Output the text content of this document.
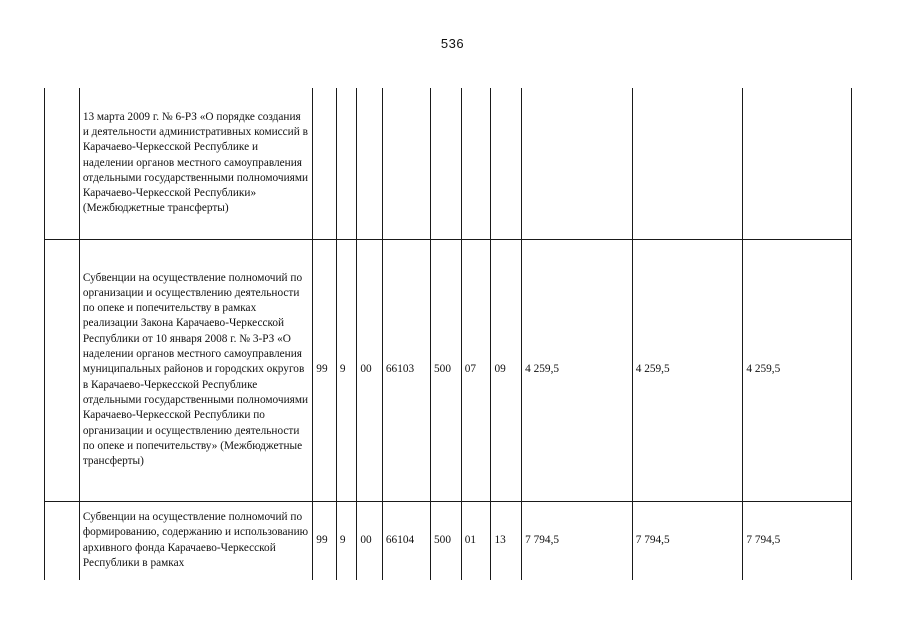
536
	13 марта 2009 г. № 6-РЗ «О порядке создания и деятельности административных комиссий в Карачаево-Черкесской Республике и наделении органов местного самоуправления отдельными государственными полномочиями Карачаево-Черкесской Республики» (Межбюджетные трансферты)										
	Субвенции на осуществление полномочий по организации и осуществлению деятельности по опеке и попечительству в рамках реализации Закона Карачаево-Черкесской Республики от 10 января 2008 г. № 3-РЗ «О наделении органов местного самоуправления муниципальных районов и городских округов в Карачаево-Черкесской Республике отдельными государственными полномочиями Карачаево-Черкесской Республики по организации и осуществлению деятельности по опеке и попечительству» (Межбюджетные трансферты)	99	9	00	66103	500	07	09	4 259,5	4 259,5	4 259,5
	Субвенции на осуществление полномочий по формированию, содержанию и использованию архивного фонда Карачаево-Черкесской Республики в рамках	99	9	00	66104	500	01	13	7 794,5	7 794,5	7 794,5
